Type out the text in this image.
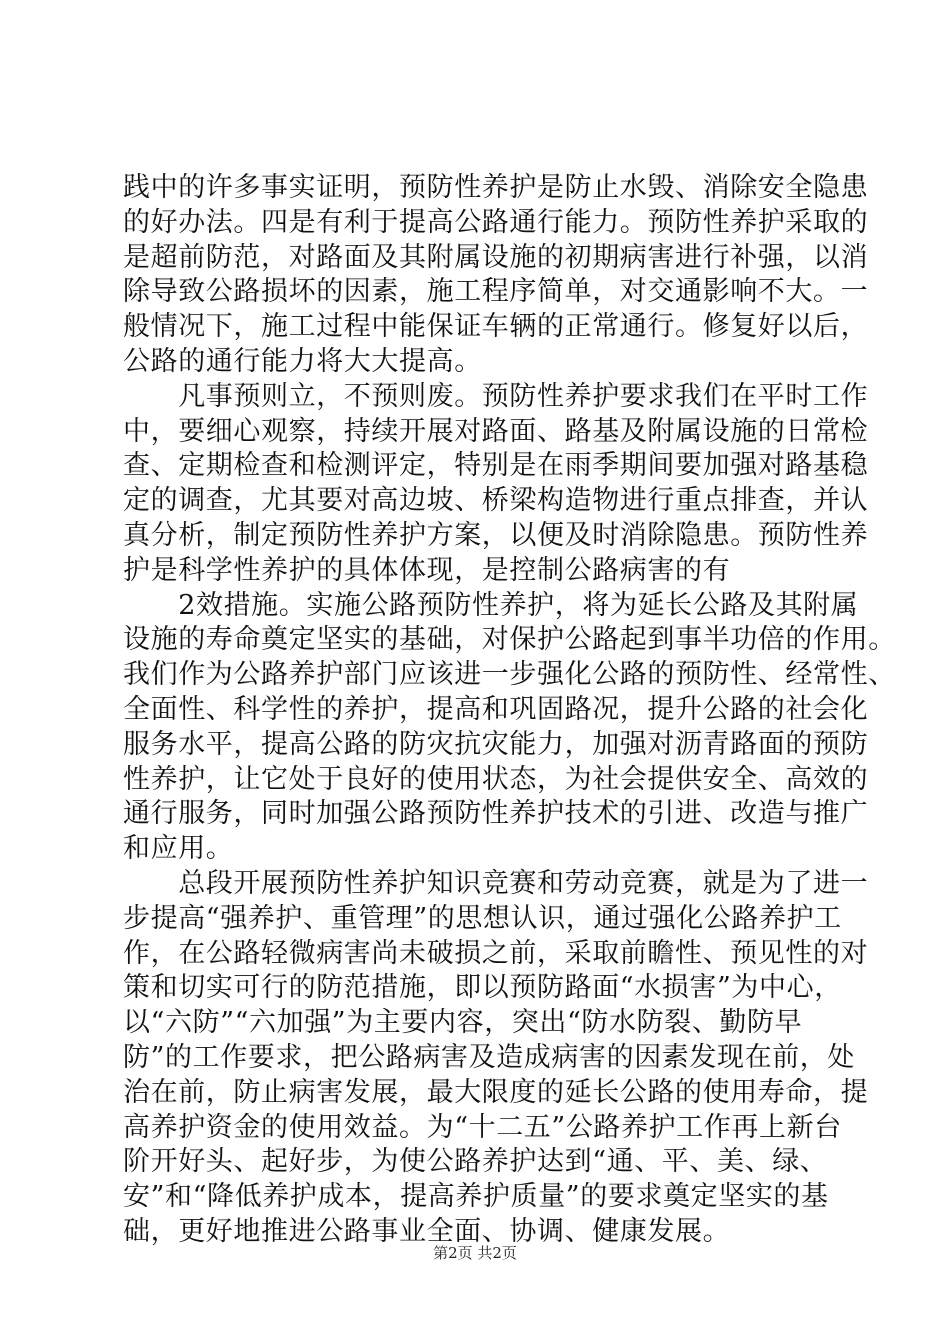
践中的许多事实证明，预防性养护是防止水毁、消除安全隐患
的好办法。四是有利于提高公路通行能力。预防性养护采取的
是超前防范，对路面及其附属设施的初期病害进行补强，以消
除导致公路损坏的因素，施工程序简单，对交通影响不大。一
般情况下，施工过程中能保证车辆的正常通行。修复好以后，
公路的通行能力将大大提高。
　　凡事预则立，不预则废。预防性养护要求我们在平时工作
中，要细心观察，持续开展对路面、路基及附属设施的日常检
查、定期检查和检测评定，特别是在雨季期间要加强对路基稳
定的调查，尤其要对高边坡、桥梁构造物进行重点排查，并认
真分析，制定预防性养护方案，以便及时消除隐患。预防性养
护是科学性养护的具体体现，是控制公路病害的有
　　2效措施。实施公路预防性养护，将为延长公路及其附属
设施的寿命奠定坚实的基础，对保护公路起到事半功倍的作用。
我们作为公路养护部门应该进一步强化公路的预防性、经常性、
全面性、科学性的养护，提高和巩固路况，提升公路的社会化
服务水平，提高公路的防灾抗灾能力，加强对沥青路面的预防
性养护，让它处于良好的使用状态，为社会提供安全、高效的
通行服务，同时加强公路预防性养护技术的引进、改造与推广
和应用。
　　总段开展预防性养护知识竞赛和劳动竞赛，就是为了进一
步提高“强养护、重管理”的思想认识，通过强化公路养护工
作，在公路轻微病害尚未破损之前，采取前瞻性、预见性的对
策和切实可行的防范措施，即以预防路面“水损害”为中心，
以“六防”“六加强”为主要内容，突出“防水防裂、勤防早
防”的工作要求，把公路病害及造成病害的因素发现在前，处
治在前，防止病害发展，最大限度的延长公路的使用寿命，提
高养护资金的使用效益。为“十二五”公路养护工作再上新台
阶开好头、起好步，为使公路养护达到“通、平、美、绿、
安”和“降低养护成本，提高养护质量”的要求奠定坚实的基
础，更好地推进公路事业全面、协调、健康发展。
第2页 共2页
